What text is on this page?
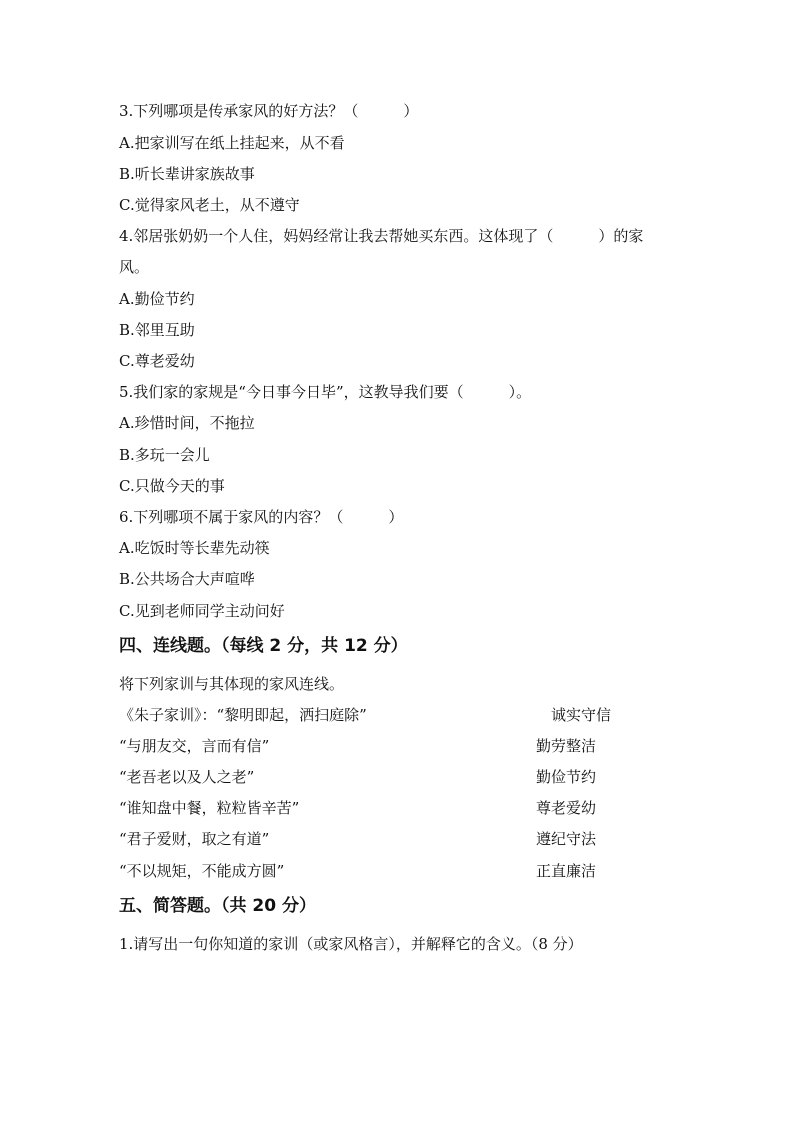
3.下列哪项是传承家风的好方法？（　　　）
A.把家训写在纸上挂起来，从不看
B.听长辈讲家族故事
C.觉得家风老土，从不遵守
4.邻居张奶奶一个人住，妈妈经常让我去帮她买东西。这体现了（　　　）的家
风。
A.勤俭节约
B.邻里互助
C.尊老爱幼
5.我们家的家规是“今日事今日毕”，这教导我们要（　　　）。
A.珍惜时间，不拖拉
B.多玩一会儿
C.只做今天的事
6.下列哪项不属于家风的内容？（　　　）
A.吃饭时等长辈先动筷
B.公共场合大声喧哗
C.见到老师同学主动问好
四、连线题。（每线 2 分，共 12 分）
将下列家训与其体现的家风连线。
《朱子家训》：“黎明即起，洒扫庭除”	诚实守信
“与朋友交，言而有信”	勤劳整洁
“老吾老以及人之老”	勤俭节约
“谁知盘中餐，粒粒皆辛苦”	尊老爱幼
“君子爱财，取之有道”	遵纪守法
“不以规矩，不能成方圆”	正直廉洁
五、简答题。（共 20 分）
1.请写出一句你知道的家训（或家风格言），并解释它的含义。（8 分）
